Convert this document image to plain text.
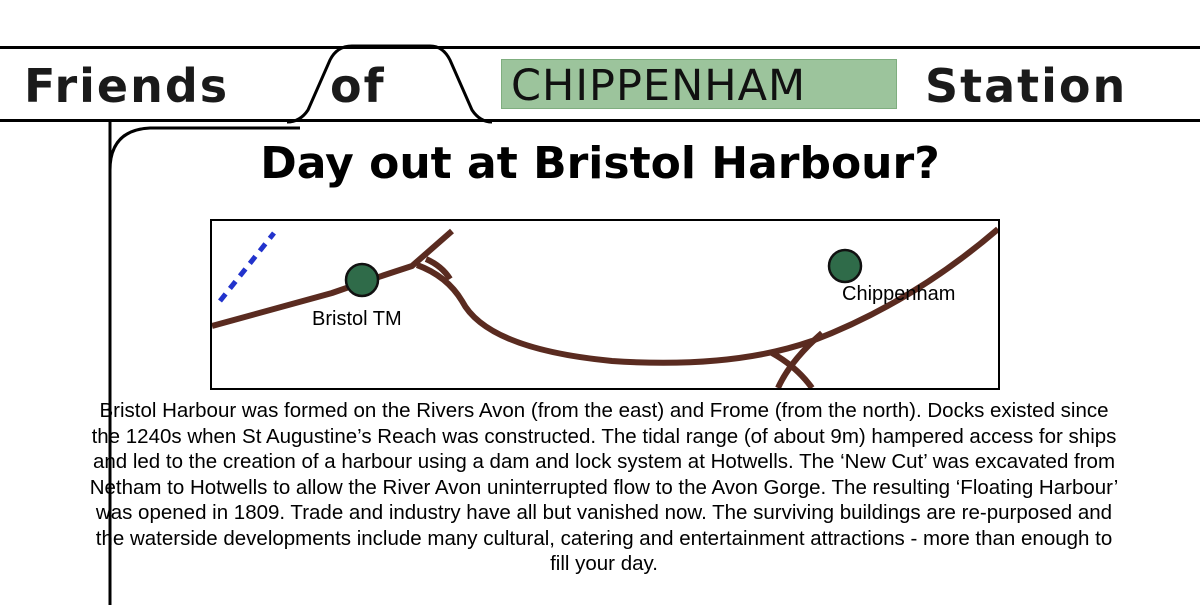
Friends of	CHIPPENHAM	Station
Day out at Bristol Harbour?
Bristol TM
Chippenham
Bristol Harbour was formed on the Rivers Avon (from the east) and Frome (from the north). Docks existed since the 1240s when St Augustine’s Reach was constructed. The tidal range (of about 9m) hampered access for ships and led to the creation of a harbour using a dam and lock system at Hotwells. The ‘New Cut’ was excavated from Netham to Hotwells to allow the River Avon uninterrupted flow to the Avon Gorge. The resulting ‘Floating Harbour’ was opened in 1809. Trade and industry have all but vanished now. The surviving buildings are re-purposed and the waterside developments include many cultural, catering and entertainment attractions - more than enough to fill your day.
